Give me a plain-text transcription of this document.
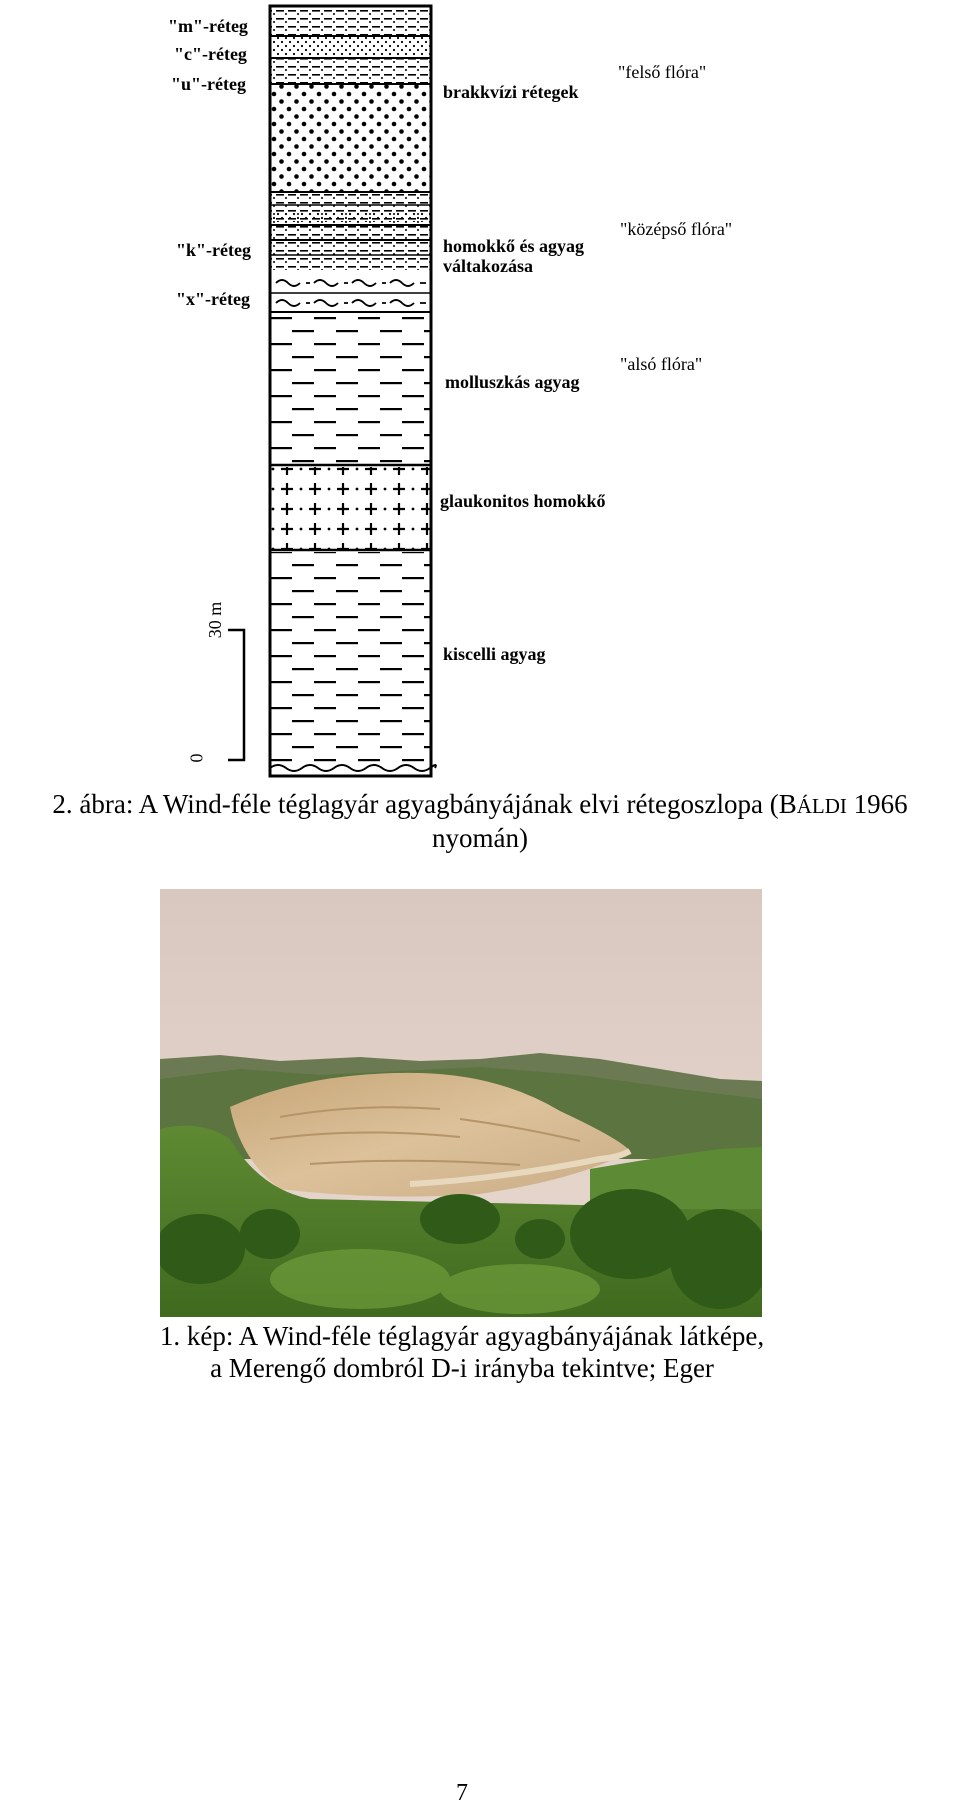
"m"-réteg
"c"-réteg
"u"-réteg
"k"-réteg
"x"-réteg
brakkvízi rétegek
homokkő és agyag
váltakozása
molluszkás agyag
glaukonitos homokkő
kiscelli agyag
"felső flóra"
"középső flóra"
"alsó flóra"
30 m
0
2. ábra: A Wind-féle téglagyár agyagbányájának elvi rétegoszlopa (BÁLDI 1966
nyomán)
1. kép: A Wind-féle téglagyár agyagbányájának látképe,
a Merengő dombról D-i irányba tekintve; Eger
7
